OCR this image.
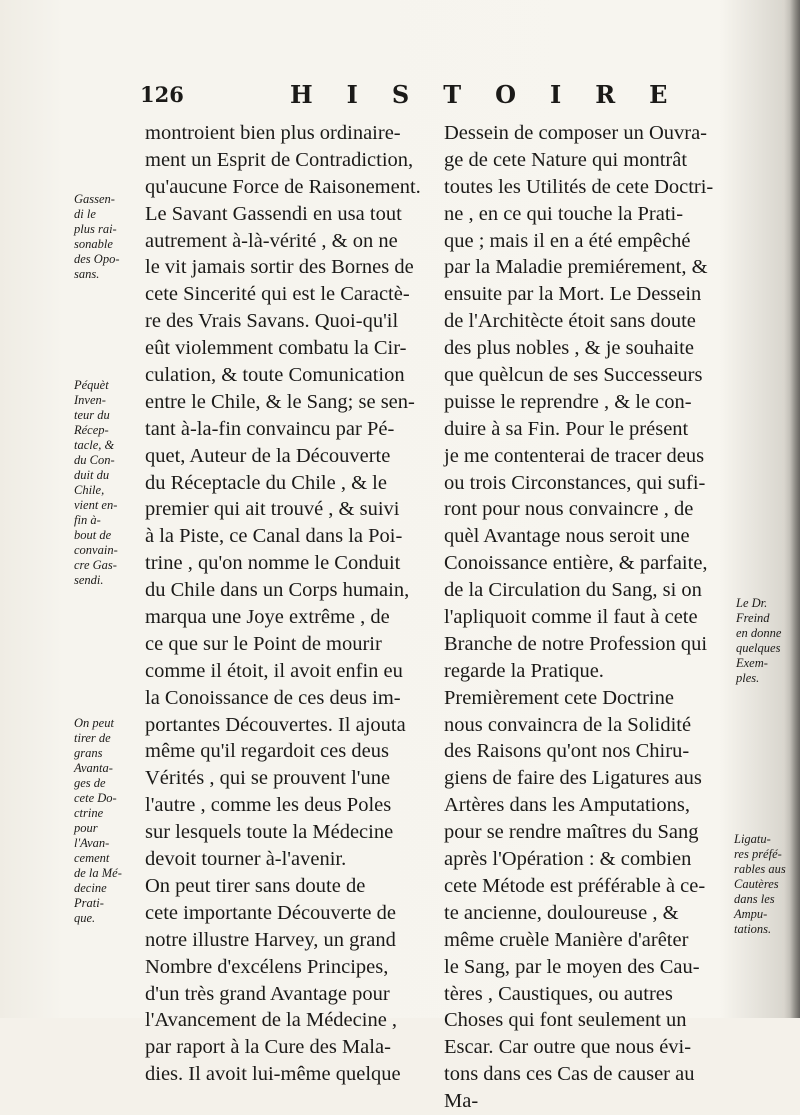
126	HISTOIRE
montroient bien plus ordinaire-
ment un Esprit de Contradiction,
qu'aucune Force de Raisonement.
Le Savant Gassendi en usa tout
autrement à-là-vérité , & on ne
le vit jamais sortir des Bornes de
cete Sincerité qui est le Caractè-
re des Vrais Savans. Quoi-qu'il
eût violemment combatu la Cir-
culation, & toute Comunication
entre le Chile, & le Sang; se sen-
tant à-la-fin convaincu par Pé-
quet, Auteur de la Découverte
du Réceptacle du Chile , & le
premier qui ait trouvé , & suivi
à la Piste, ce Canal dans la Poi-
trine , qu'on nomme le Conduit
du Chile dans un Corps humain,
marqua une Joye extrême , de
ce que sur le Point de mourir
comme il étoit, il avoit enfin eu
la Conoissance de ces deus im-
portantes Découvertes. Il ajouta
même qu'il regardoit ces deus
Vérités , qui se prouvent l'une
l'autre , comme les deus Poles
sur lesquels toute la Médecine
devoit tourner à-l'avenir.
On peut tirer sans doute de
cete importante Découverte de
notre illustre Harvey, un grand
Nombre d'excélens Principes,
d'un très grand Avantage pour
l'Avancement de la Médecine ,
par raport à la Cure des Mala-
dies. Il avoit lui-même quelque
Dessein de composer un Ouvra-
ge de cete Nature qui montrât
toutes les Utilités de cete Doctri-
ne , en ce qui touche la Prati-
que ; mais il en a été empêché
par la Maladie premiérement, &
ensuite par la Mort. Le Dessein
de l'Architècte étoit sans doute
des plus nobles , & je souhaite
que quèlcun de ses Successeurs
puisse le reprendre , & le con-
duire à sa Fin. Pour le présent
je me contenterai de tracer deus
ou trois Circonstances, qui sufi-
ront pour nous convaincre , de
quèl Avantage nous seroit une
Conoissance entière, & parfaite,
de la Circulation du Sang, si on
l'apliquoit comme il faut à cete
Branche de notre Profession qui
regarde la Pratique.
Premièrement cete Doctrine
nous convaincra de la Solidité
des Raisons qu'ont nos Chiru-
giens de faire des Ligatures aus
Artères dans les Amputations,
pour se rendre maîtres du Sang
après l'Opération : & combien
cete Métode est préférable à ce-
te ancienne, douloureuse , &
même cruèle Manière d'arêter
le Sang, par le moyen des Cau-
tères , Caustiques, ou autres
Choses qui font seulement un
Escar. Car outre que nous évi-
tons dans ces Cas de causer au
Ma-
Gassen-
di le
plus rai-
sonable
des Opo-
sans.
Péquèt
Inven-
teur du
Récep-
tacle, &
du Con-
duit du
Chile,
vient en-
fin à-
bout de
convain-
cre Gas-
sendi.
On peut
tirer de
grans
Avanta-
ges de
cete Do-
ctrine
pour
l'Avan-
cement
de la Mé-
decine
Prati-
que.
Le Dr.
Freind
en donne
quelques
Exem-
ples.
Ligatu-
res préfé-
rables aus
Cautères
dans les
Ampu-
tations.
